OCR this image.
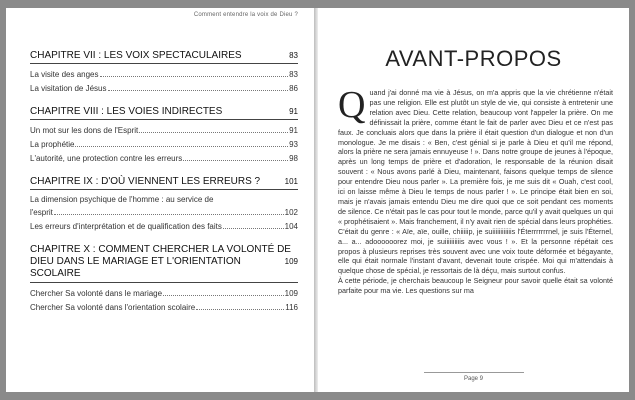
Comment entendre la voix de Dieu ?
CHAPITRE VII : LES VOIX SPECTACULAIRES	83
La visite des anges	83
La visitation de Jésus	86
CHAPITRE VIII : LES VOIES INDIRECTES	91
Un mot sur les dons de l'Esprit	91
La prophétie	93
L'autorité, une protection contre les erreurs	98
CHAPITRE IX : D'OÙ VIENNENT LES ERREURS ?	101
La dimension psychique de l'homme : au service de
l'esprit	102
Les erreurs d'interprétation et de qualification des faits	104
CHAPITRE X : COMMENT CHERCHER LA VOLONTÉ DE
DIEU DANS LE MARIAGE ET L'ORIENTATION SCOLAIRE
109
Chercher Sa volonté dans le mariage	109
Chercher Sa volonté dans l'orientation scolaire	116
AVANT-PROPOS

Quand j'ai donné ma vie à Jésus, on m'a appris que la vie chrétienne n'était pas une religion. Elle est plutôt un style de vie, qui consiste à entretenir une relation avec Dieu. Cette relation, beaucoup vont l'appeler la prière. On me définissait la prière, comme étant le fait de parler avec Dieu et ce n'est pas faux. Je concluais alors que dans la prière il était question d'un dialogue et non d'un monologue. Je me disais : « Ben, c'est génial si je parle à Dieu et qu'il me répond, alors la prière ne sera jamais ennuyeuse ! ». Dans notre groupe de jeunes à l'époque, après un long temps de prière et d'adoration, le responsable de la réunion disait souvent : « Nous avons parlé à Dieu, maintenant, faisons quelque temps de silence pour entendre Dieu nous parler ». La première fois, je me suis dit « Ouah, c'est cool, ici on laisse même à Dieu le temps de nous parler ! ». Le principe était bien en soi, mais je n'avais jamais entendu Dieu me dire quoi que ce soit pendant ces moments de silence. Ce n'était pas le cas pour tout le monde, parce qu'il y avait quelques un qui « prophétisaient ». Mais franchement, il n'y avait rien de spécial dans leurs prophéties. C'était du genre : « Aïe, aïe, ouille, chiiiiip, je suiiiiiiiiiiiis l'Éterrrrrrrnel, je suis l'Éternel, a... a... adoooooorez moi, je suiiiiiiiiiis avec vous ! ». Et la personne répétait ces propos à plusieurs reprises très souvent avec une voix toute déformée et bégayante, elle qui était normale l'instant d'avant, devenait toute crispée. Moi qui m'attendais à quelque chose de spécial, je ressortais de là déçu, mais surtout confus.

À cette période, je cherchais beaucoup le Seigneur pour savoir quelle était sa volonté parfaite pour ma vie. Les questions sur ma

Page 9
